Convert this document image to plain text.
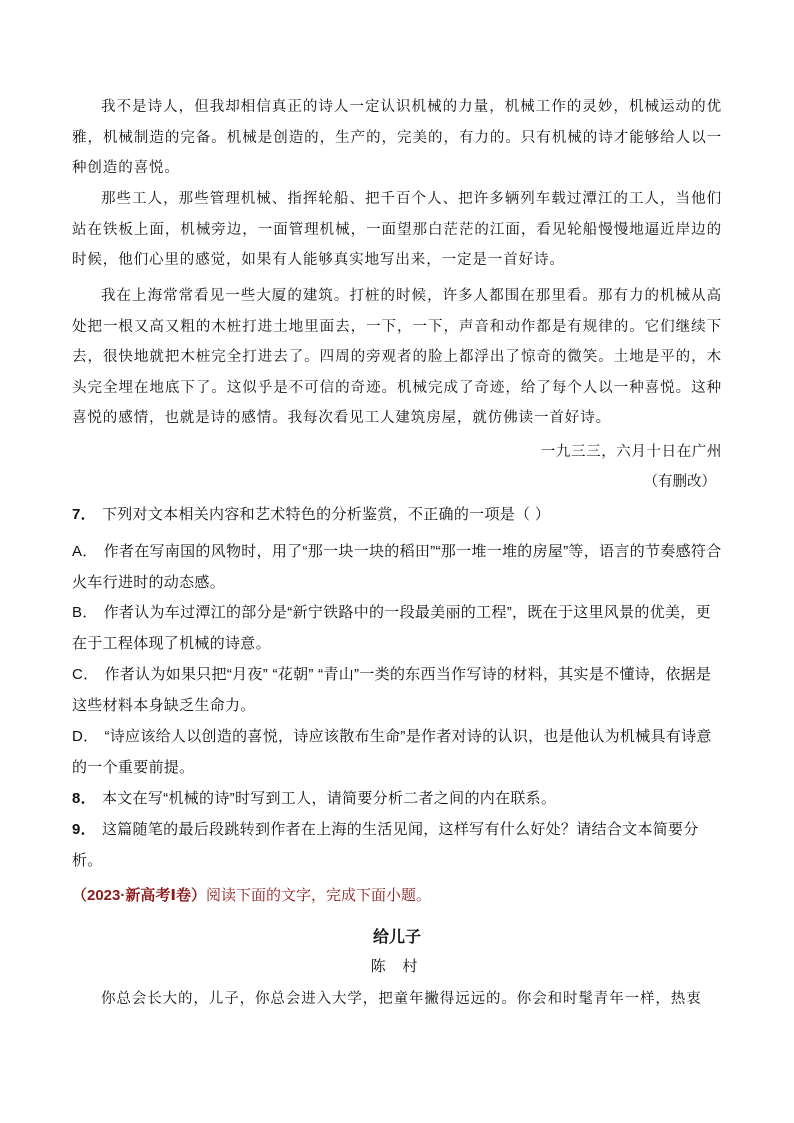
我不是诗人，但我却相信真正的诗人一定认识机械的力量，机械工作的灵妙，机械运动的优雅，机械制造的完备。机械是创造的，生产的，完美的，有力的。只有机械的诗才能够给人以一种创造的喜悦。

那些工人，那些管理机械、指挥轮船、把千百个人、把许多辆列车载过潭江的工人，当他们站在铁板上面，机械旁边，一面管理机械，一面望那白茫茫的江面，看见轮船慢慢地逼近岸边的时候，他们心里的感觉，如果有人能够真实地写出来，一定是一首好诗。

我在上海常常看见一些大厦的建筑。打桩的时候，许多人都围在那里看。那有力的机械从高处把一根又高又粗的木桩打进土地里面去，一下，一下，声音和动作都是有规律的。它们继续下去，很快地就把木桩完全打进去了。四周的旁观者的脸上都浮出了惊奇的微笑。土地是平的，木头完全埋在地底下了。这似乎是不可信的奇迹。机械完成了奇迹，给了每个人以一种喜悦。这种喜悦的感情，也就是诗的感情。我每次看见工人建筑房屋，就仿佛读一首好诗。

一九三三，六月十日在广州
（有删改）

7． 下列对文本相关内容和艺术特色的分析鉴赏，不正确的一项是（ ）

A． 作者在写南国的风物时，用了“那一块一块的稻田”“那一堆一堆的房屋”等，语言的节奏感符合火车行进时的动态感。

B． 作者认为车过潭江的部分是“新宁铁路中的一段最美丽的工程”，既在于这里风景的优美，更在于工程体现了机械的诗意。

C． 作者认为如果只把“月夜” “花朝” “青山”一类的东西当作写诗的材料，其实是不懂诗，依据是这些材料本身缺乏生命力。

D． “诗应该给人以创造的喜悦，诗应该散布生命”是作者对诗的认识，也是他认为机械具有诗意的一个重要前提。

8． 本文在写“机械的诗”时写到工人，请简要分析二者之间的内在联系。

9． 这篇随笔的最后段跳转到作者在上海的生活见闻，这样写有什么好处？请结合文本简要分析。

（2023·新高考Ⅰ卷）阅读下面的文字，完成下面小题。
给儿子
陈 村

你总会长大的，儿子，你总会进入大学，把童年撇得远远的。你会和时髦青年一样，热衷
